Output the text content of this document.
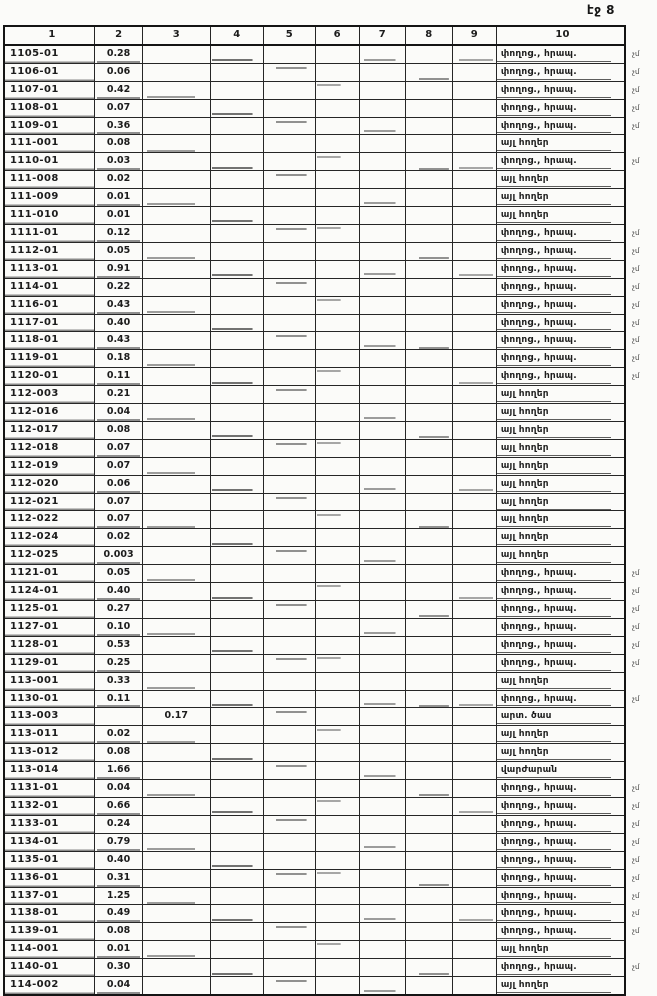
էջ 8
1	2	3	4	5	6	7	8	9	10	
1105-01	0.28								փողոց., հրապ.	չմ
1106-01	0.06								փողոց., հրապ.	չմ
1107-01	0.42								փողոց., հրապ.	չմ
1108-01	0.07								փողոց., հրապ.	չմ
1109-01	0.36								փողոց., հրապ.	չմ
111-001	0.08								այլ հողեր	
1110-01	0.03								փողոց., հրապ.	չմ
111-008	0.02								այլ հողեր	
111-009	0.01								այլ հողեր	
111-010	0.01								այլ հողեր	
1111-01	0.12								փողոց., հրապ.	չմ
1112-01	0.05								փողոց., հրապ.	չմ
1113-01	0.91								փողոց., հրապ.	չմ
1114-01	0.22								փողոց., հրապ.	չմ
1116-01	0.43								փողոց., հրապ.	չմ
1117-01	0.40								փողոց., հրապ.	չմ
1118-01	0.43								փողոց., հրապ.	չմ
1119-01	0.18								փողոց., հրապ.	չմ
1120-01	0.11								փողոց., հրապ.	չմ
112-003	0.21								այլ հողեր	
112-016	0.04								այլ հողեր	
112-017	0.08								այլ հողեր	
112-018	0.07								այլ հողեր	
112-019	0.07								այլ հողեր	
112-020	0.06								այլ հողեր	
112-021	0.07								այլ հողեր	
112-022	0.07								այլ հողեր	
112-024	0.02								այլ հողեր	
112-025	0.003								այլ հողեր	
1121-01	0.05								փողոց., հրապ.	չմ
1124-01	0.40								փողոց., հրապ.	չմ
1125-01	0.27								փողոց., հրապ.	չմ
1127-01	0.10								փողոց., հրապ.	չմ
1128-01	0.53								փողոց., հրապ.	չմ
1129-01	0.25								փողոց., հրապ.	չմ
113-001	0.33								այլ հողեր	
1130-01	0.11								փողոց., հրապ.	չմ
113-003		0.17							արտ. ծաս	
113-011	0.02								այլ հողեր	
113-012	0.08								այլ հողեր	
113-014	1.66								վարժարան	
1131-01	0.04								փողոց., հրապ.	չմ
1132-01	0.66								փողոց., հրապ.	չմ
1133-01	0.24								փողոց., հրապ.	չմ
1134-01	0.79								փողոց., հրապ.	չմ
1135-01	0.40								փողոց., հրապ.	չմ
1136-01	0.31								փողոց., հրապ.	չմ
1137-01	1.25								փողոց., հրապ.	չմ
1138-01	0.49								փողոց., հրապ.	չմ
1139-01	0.08								փողոց., հրապ.	չմ
114-001	0.01								այլ հողեր	
1140-01	0.30								փողոց., հրապ.	չմ
114-002	0.04								այլ հողեր	
